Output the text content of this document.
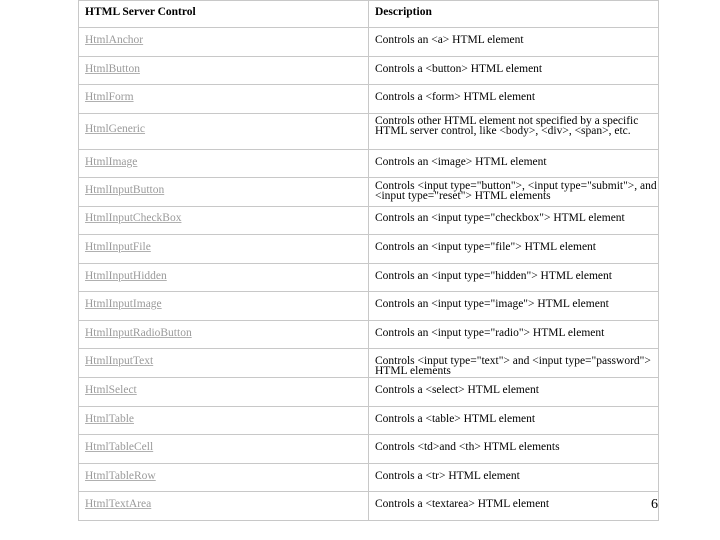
HTML Server Control	Description
HtmlAnchor	Controls an <a> HTML element
HtmlButton	Controls a <button> HTML element
HtmlForm	Controls a <form> HTML element
HtmlGeneric	Controls other HTML element not specified by a specific HTML server control, like <body>, <div>, <span>, etc.
HtmlImage	Controls an <image> HTML element
HtmlInputButton	Controls <input type="button">, <input type="submit">, and <input type="reset"> HTML elements
HtmlInputCheckBox	Controls an <input type="checkbox"> HTML element
HtmlInputFile	Controls an <input type="file"> HTML element
HtmlInputHidden	Controls an <input type="hidden"> HTML element
HtmlInputImage	Controls an <input type="image"> HTML element
HtmlInputRadioButton	Controls an <input type="radio"> HTML element
HtmlInputText	Controls <input type="text"> and <input type="password"> HTML elements
HtmlSelect	Controls a <select> HTML element
HtmlTable	Controls a <table> HTML element
HtmlTableCell	Controls <td>and <th> HTML elements
HtmlTableRow	Controls a <tr> HTML element
HtmlTextArea	Controls a <textarea> HTML element	6
